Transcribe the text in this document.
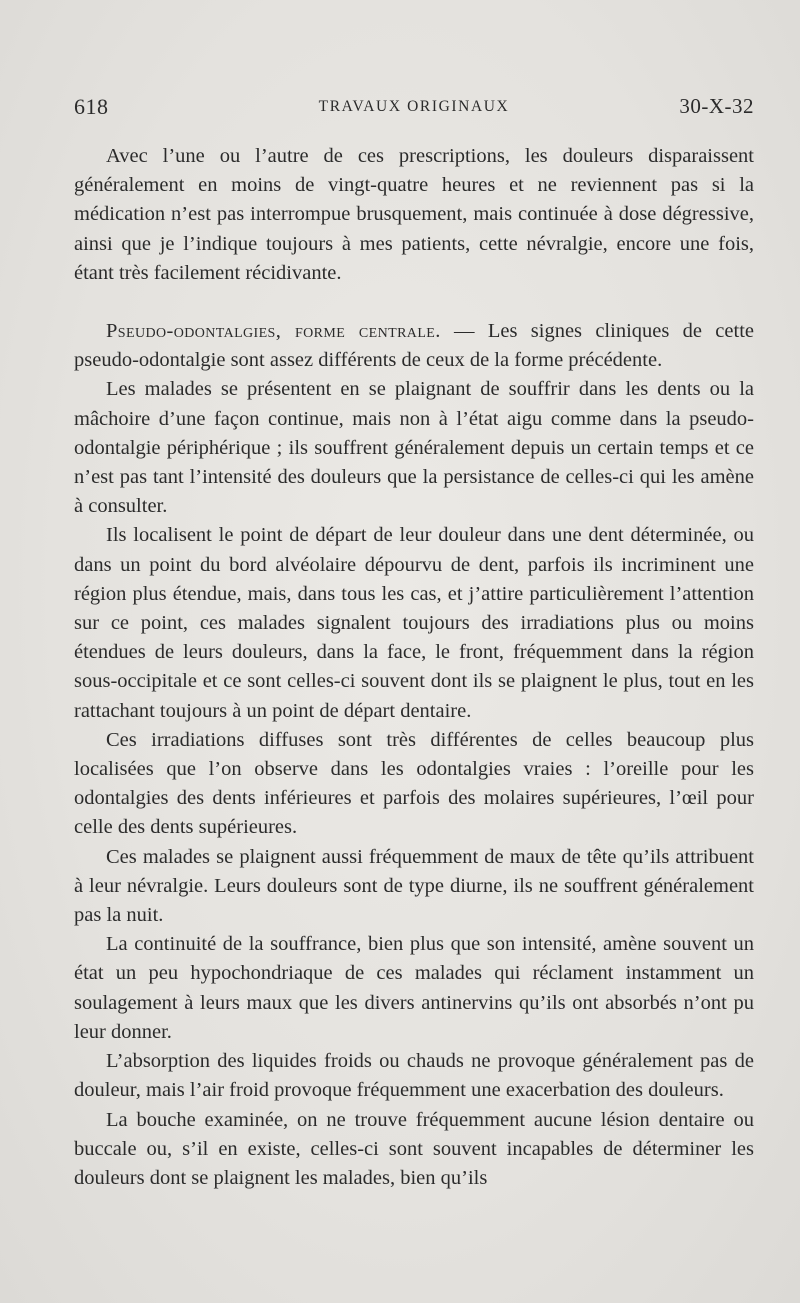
618	TRAVAUX ORIGINAUX	30-X-32

Avec l’une ou l’autre de ces prescriptions, les douleurs disparaissent généralement en moins de vingt-quatre heures et ne reviennent pas si la médication n’est pas interrompue brusquement, mais continuée à dose dégressive, ainsi que je l’indique toujours à mes patients, cette névralgie, encore une fois, étant très facilement récidivante.

Pseudo-odontalgies, forme centrale. — Les signes cliniques de cette pseudo-odontalgie sont assez différents de ceux de la forme précédente.

Les malades se présentent en se plaignant de souffrir dans les dents ou la mâchoire d’une façon continue, mais non à l’état aigu comme dans la pseudo-odontalgie périphérique ; ils souffrent généralement depuis un certain temps et ce n’est pas tant l’intensité des douleurs que la persistance de celles-ci qui les amène à consulter.

Ils localisent le point de départ de leur douleur dans une dent déterminée, ou dans un point du bord alvéolaire dépourvu de dent, parfois ils incriminent une région plus étendue, mais, dans tous les cas, et j’attire particulièrement l’attention sur ce point, ces malades signalent toujours des irradiations plus ou moins étendues de leurs douleurs, dans la face, le front, fréquemment dans la région sous-occipitale et ce sont celles-ci souvent dont ils se plaignent le plus, tout en les rattachant toujours à un point de départ dentaire.

Ces irradiations diffuses sont très différentes de celles beaucoup plus localisées que l’on observe dans les odontalgies vraies : l’oreille pour les odontalgies des dents inférieures et parfois des molaires supérieures, l’œil pour celle des dents supérieures.

Ces malades se plaignent aussi fréquemment de maux de tête qu’ils attribuent à leur névralgie. Leurs douleurs sont de type diurne, ils ne souffrent généralement pas la nuit.

La continuité de la souffrance, bien plus que son intensité, amène souvent un état un peu hypochondriaque de ces malades qui réclament instamment un soulagement à leurs maux que les divers antinervins qu’ils ont absorbés n’ont pu leur donner.

L’absorption des liquides froids ou chauds ne provoque généralement pas de douleur, mais l’air froid provoque fréquemment une exacerbation des douleurs.

La bouche examinée, on ne trouve fréquemment aucune lésion dentaire ou buccale ou, s’il en existe, celles-ci sont souvent incapables de déterminer les douleurs dont se plaignent les malades, bien qu’ils
